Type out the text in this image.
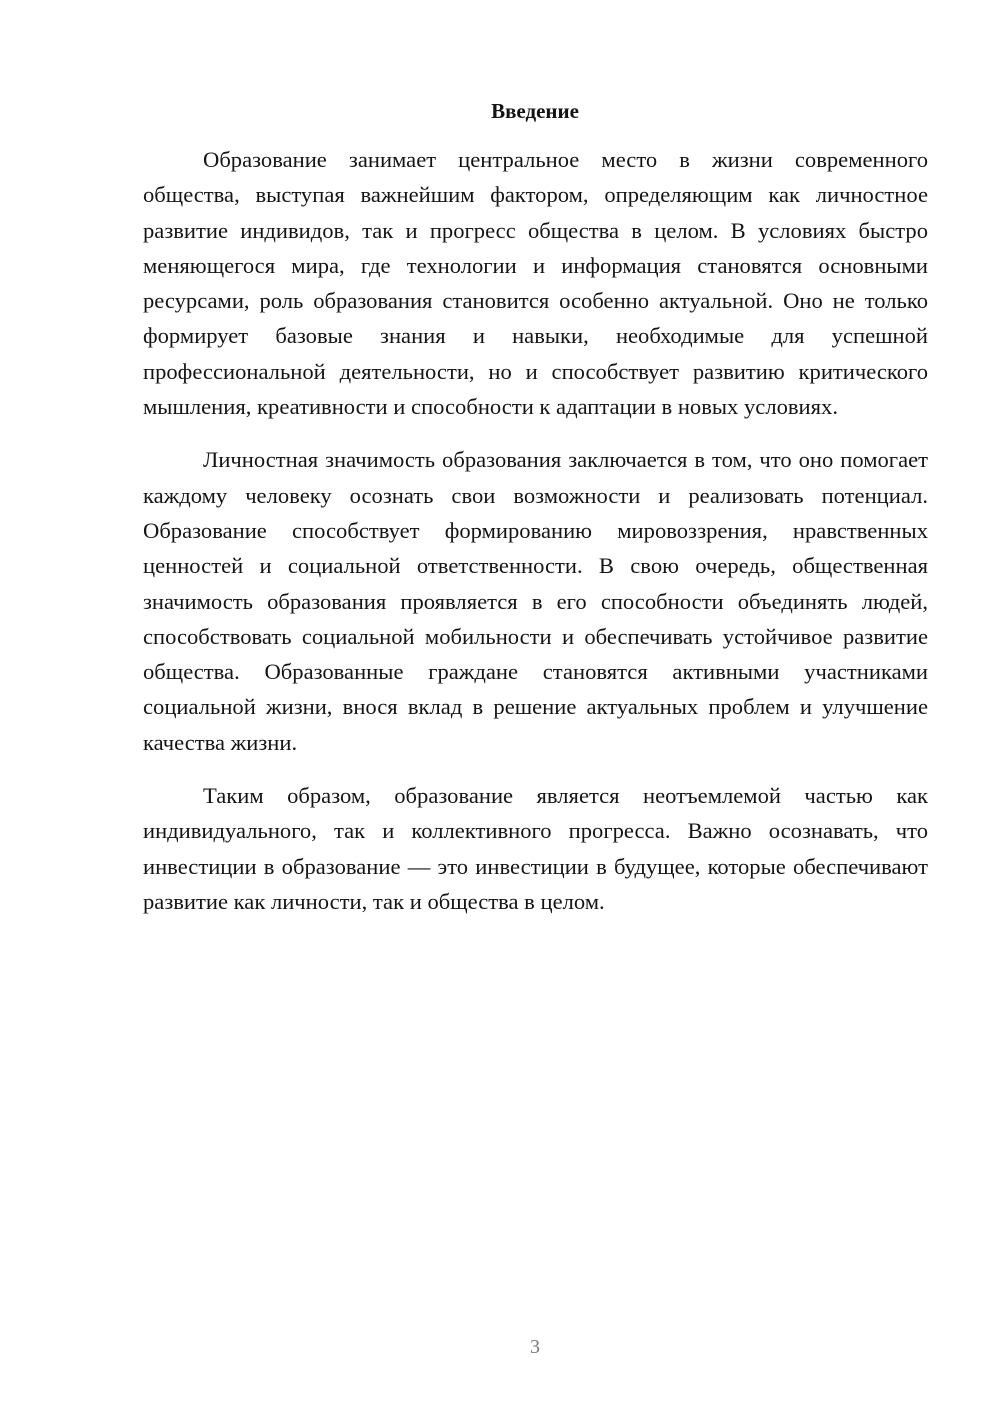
Введение

Образование занимает центральное место в жизни современного общества, выступая важнейшим фактором, определяющим как личностное развитие индивидов, так и прогресс общества в целом. В условиях быстро меняющегося мира, где технологии и информация становятся основными ресурсами, роль образования становится особенно актуальной. Оно не только формирует базовые знания и навыки, необходимые для успешной профессиональной деятельности, но и способствует развитию критического мышления, креативности и способности к адаптации в новых условиях.

Личностная значимость образования заключается в том, что оно помогает каждому человеку осознать свои возможности и реализовать потенциал. Образование способствует формированию мировоззрения, нравственных ценностей и социальной ответственности. В свою очередь, общественная значимость образования проявляется в его способности объединять людей, способствовать социальной мобильности и обеспечивать устойчивое развитие общества. Образованные граждане становятся активными участниками социальной жизни, внося вклад в решение актуальных проблем и улучшение качества жизни.

Таким образом, образование является неотъемлемой частью как индивидуального, так и коллективного прогресса. Важно осознавать, что инвестиции в образование — это инвестиции в будущее, которые обеспечивают развитие как личности, так и общества в целом.

3
